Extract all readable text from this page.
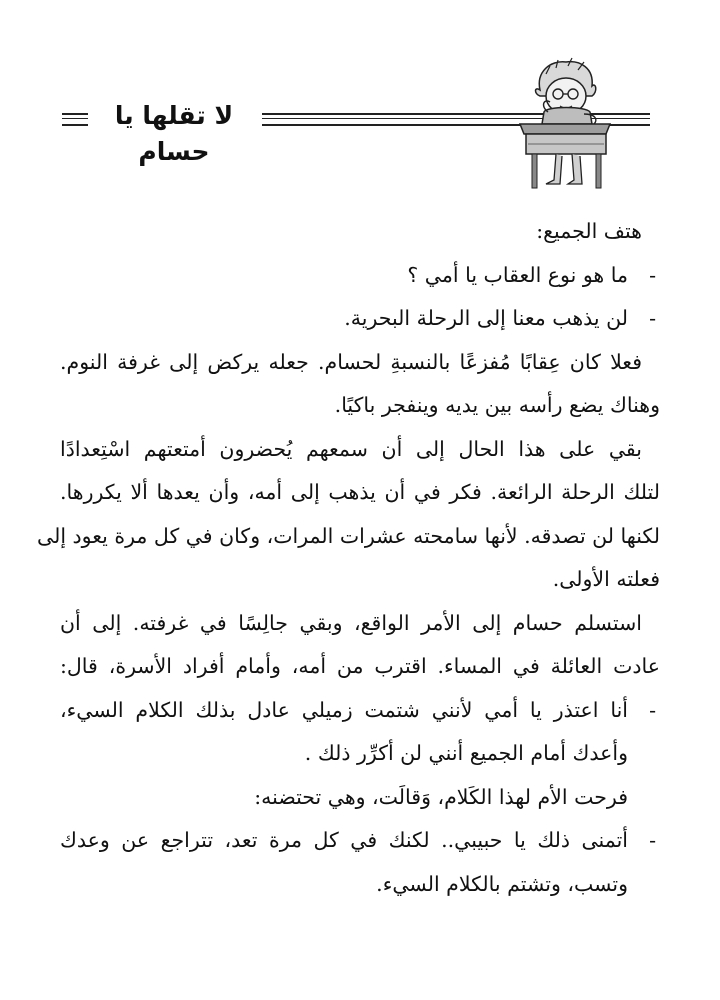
لا تقلها يا حسام
هتف الجميع:
-
ما هو نوع العقاب يا أمي ؟
-
لن يذهب معنا إلى الرحلة البحرية.
فعلا كان عِقابًا مُفزعًا بالنسبةِ لحسام. جعله يركض إلى غرفة النوم.
وهناك يضع رأسه بين يديه وينفجر باكيًا.
بقي على هذا الحال إلى أن سمعهم يُحضرون أمتعتهم اسْتِعدادًا
لتلك الرحلة الرائعة. فكر في أن يذهب إلى أمه، وأن يعدها ألا يكررها.
لكنها لن تصدقه. لأنها سامحته عشرات المرات، وكان في كل مرة يعود إلى
فعلته الأولى.
استسلم حسام إلى الأمر الواقع، وبقي جالِسًا في غرفته. إلى أن
عادت العائلة في المساء. اقترب من أمه، وأمام أفراد الأسرة، قال:
-
أنا اعتذر يا أمي لأنني شتمت زميلي عادل بذلك الكلام السيء،
وأعدك أمام الجميع أنني لن أكرِّر ذلك .
فرحت الأم لهذا الكَلام، وَقالَت، وهي تحتضنه:
-
أتمنى ذلك يا حبيبي.. لكنك في كل مرة تعد، تتراجع عن وعدك
وتسب، وتشتم بالكلام السيء.
